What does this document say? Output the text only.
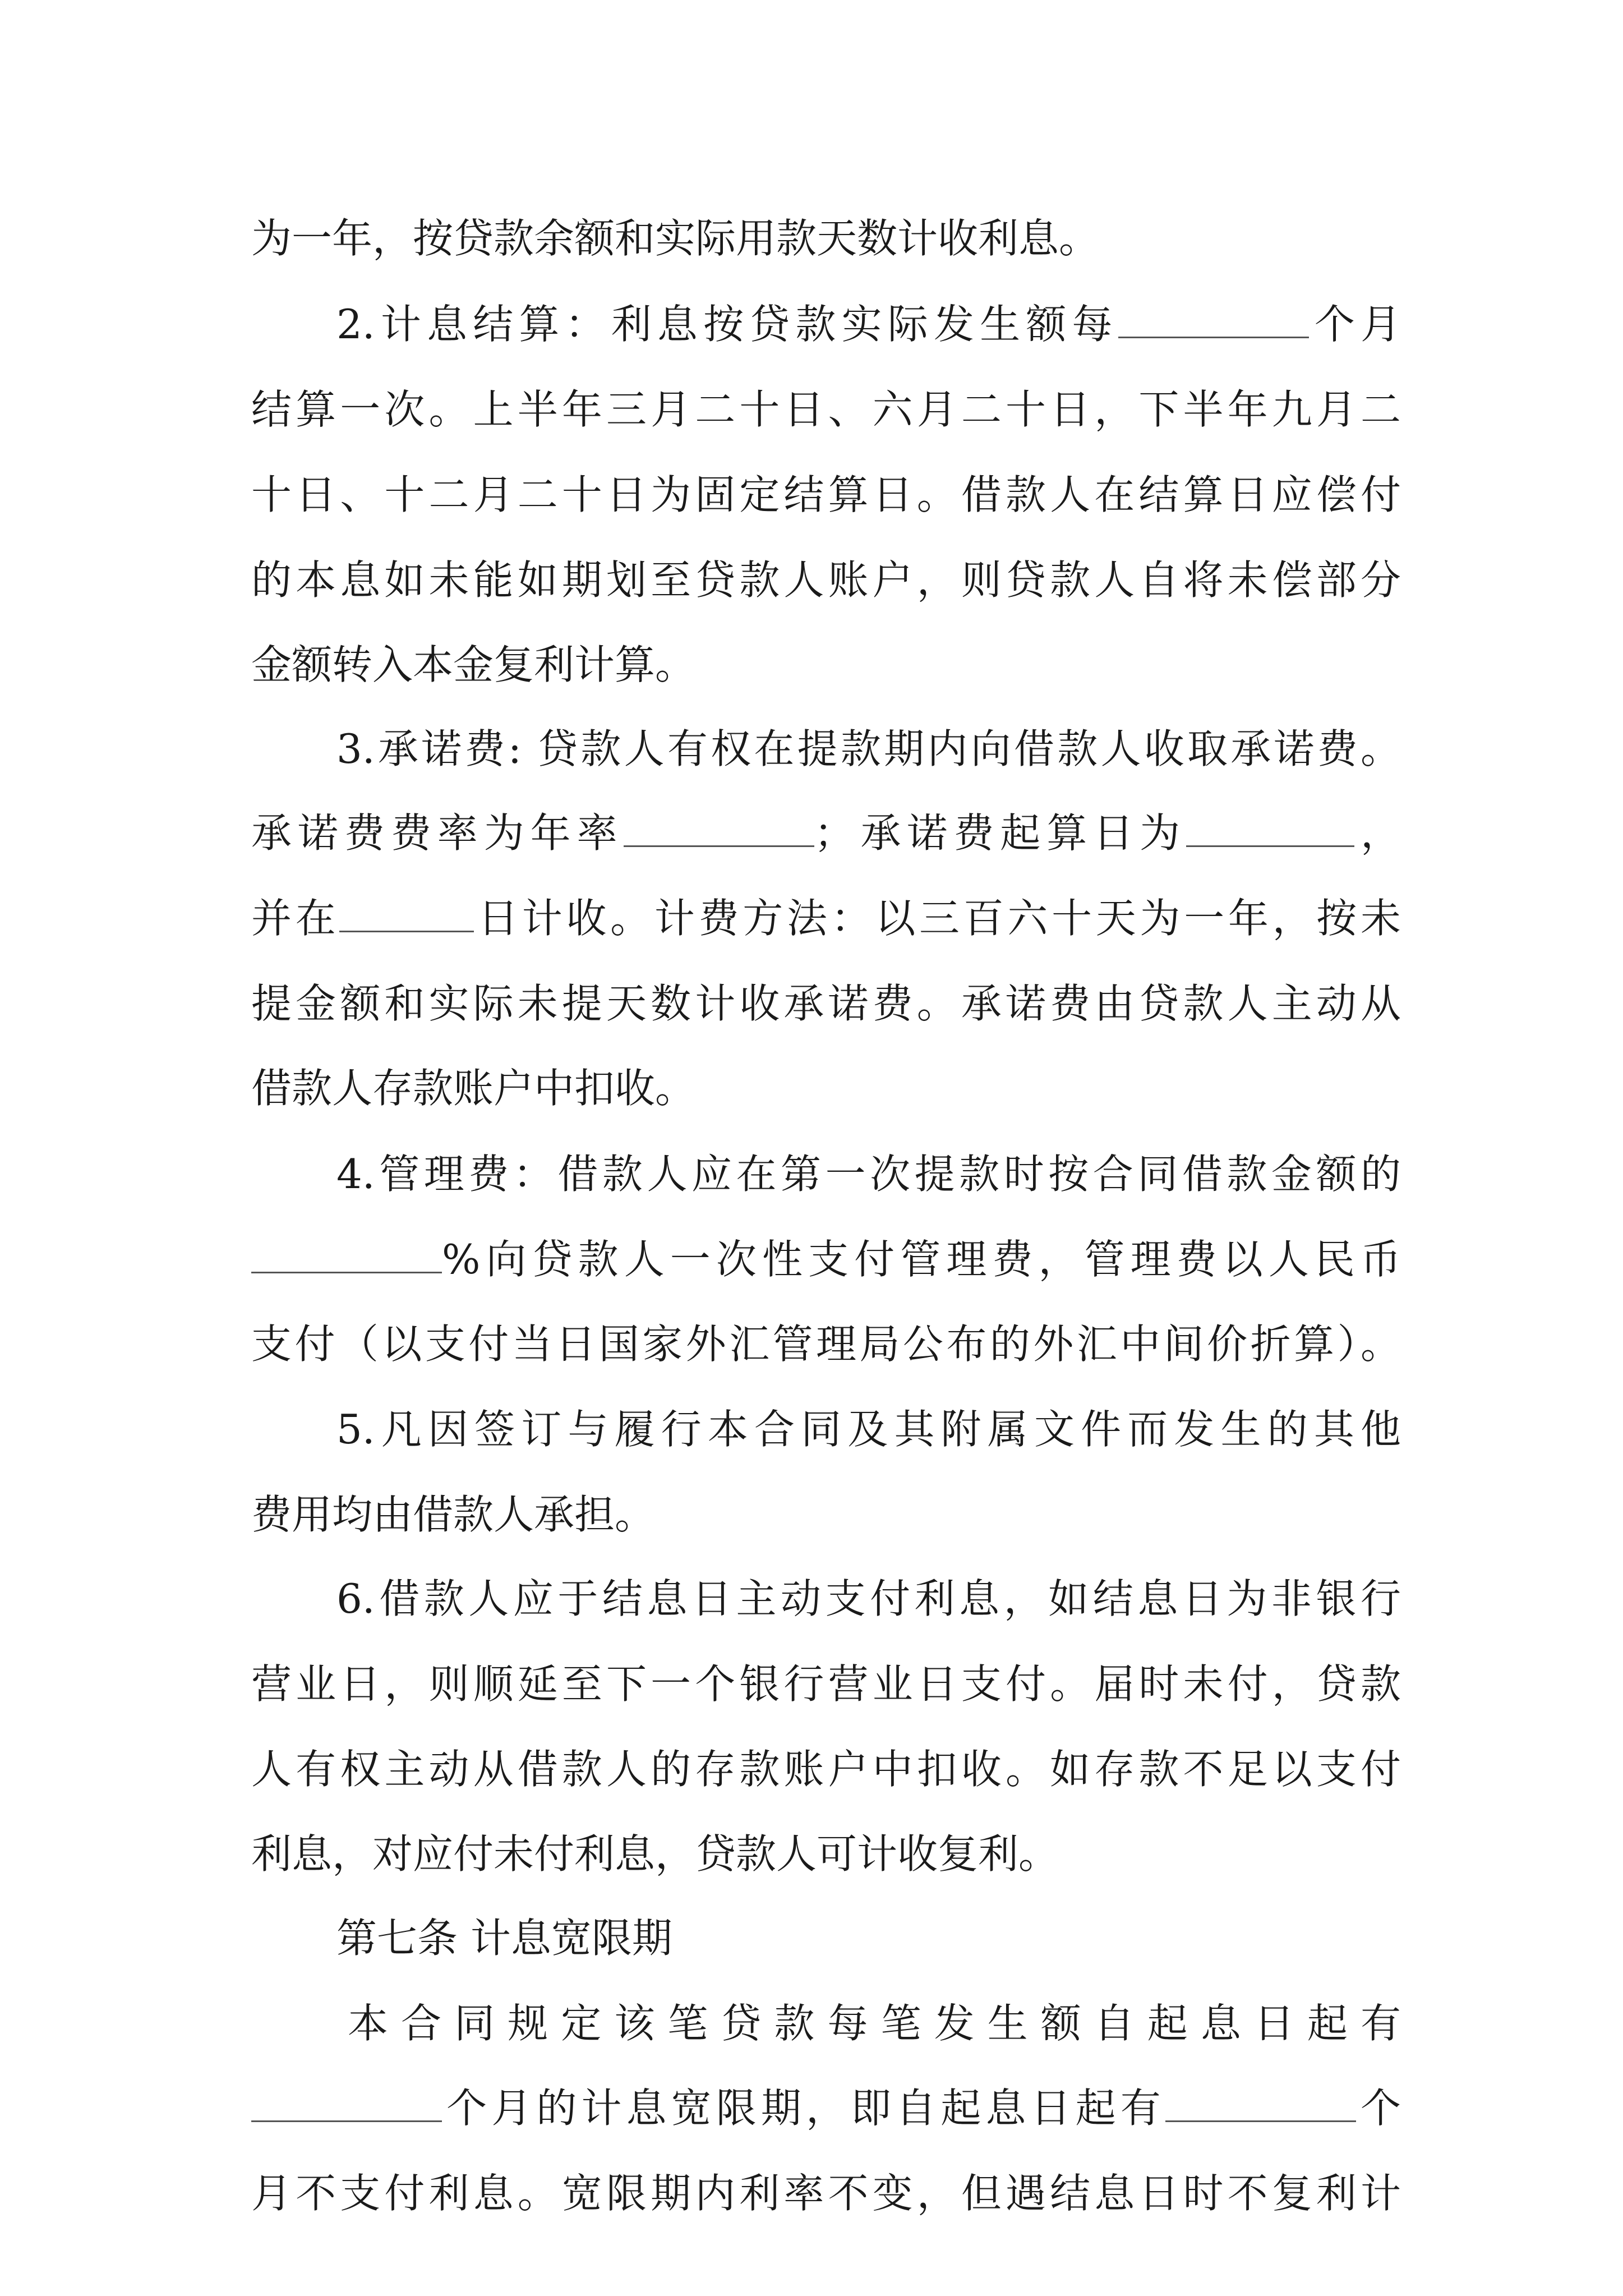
为一年，按贷款余额和实际用款天数计收利息。
2.计息结算：利息按贷款实际发生额每	个月
结算一次。上半年三月二十日、六月二十日，下半年九月二
十日、十二月二十日为固定结算日。借款人在结算日应偿付
的本息如未能如期划至贷款人账户，则贷款人自将未偿部分
金额转入本金复利计算。
3.承诺费: 贷款人有权在提款期内向借款人收取承诺费。
承诺费费率为年率	；承诺费起算日为	，
并在	日计收。计费方法：以三百六十天为一年，按未
提金额和实际未提天数计收承诺费。承诺费由贷款人主动从
借款人存款账户中扣收。
4.管理费：借款人应在第一次提款时按合同借款金额的
%向贷款人一次性支付管理费，管理费以人民币
支付（以支付当日国家外汇管理局公布的外汇中间价折算）。
5.凡因签订与履行本合同及其附属文件而发生的其他
费用均由借款人承担。
6.借款人应于结息日主动支付利息，如结息日为非银行
营业日，则顺延至下一个银行营业日支付。届时未付，贷款
人有权主动从借款人的存款账户中扣收。如存款不足以支付
利息，对应付未付利息，贷款人可计收复利。
第七条 计息宽限期
本合同规定该笔贷款每笔发生额自起息日起有
个月的计息宽限期，即自起息日起有	个
月不支付利息。宽限期内利率不变，但遇结息日时不复利计
